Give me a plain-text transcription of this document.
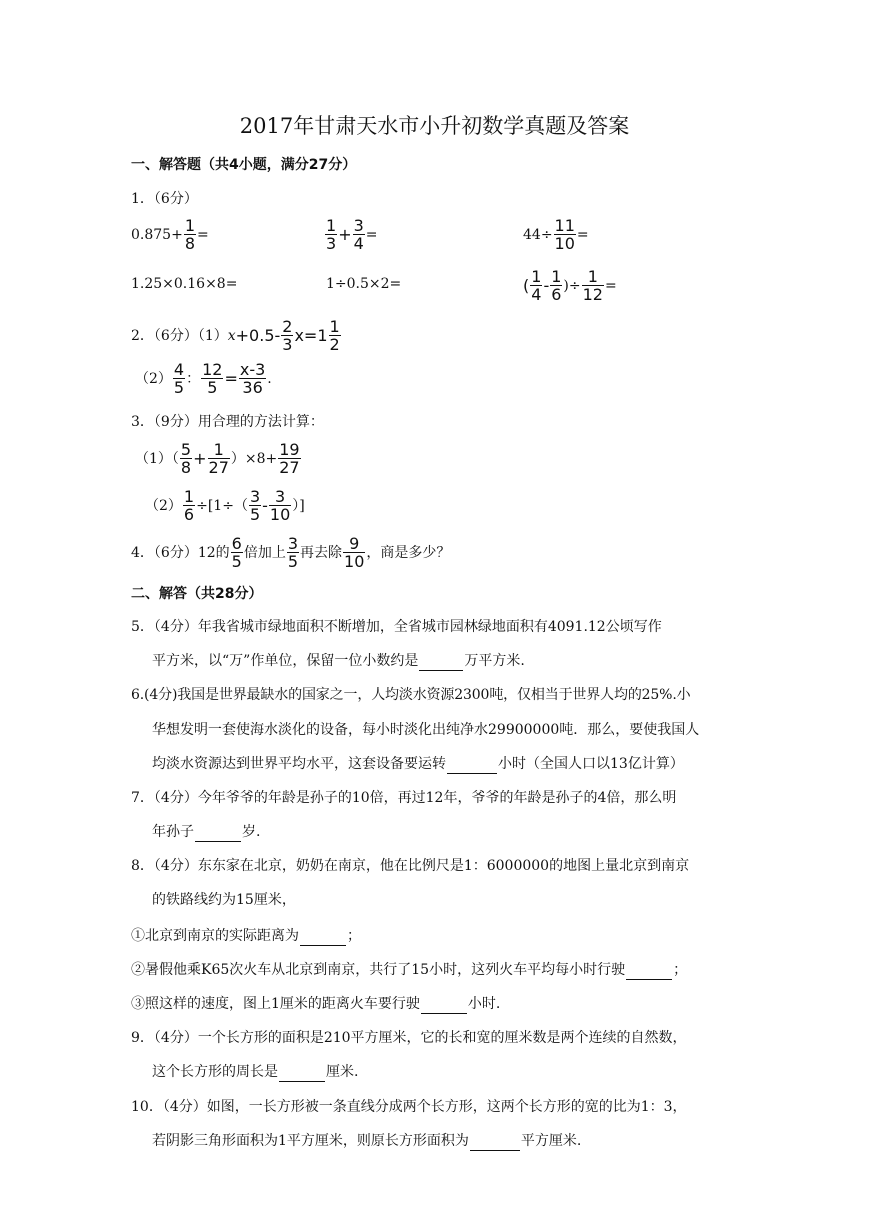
2017年甘肃天水市小升初数学真题及答案
一、解答题（共4小题，满分27分）
1．（6分）
$0.875+ \frac{1}{8}$ =	$\frac{1}{3} + \frac{3}{4}$ =	$44\div \frac{11}{10}$ =
1.25×0.16×8=	1÷0.5×2=	( $\frac{1}{4} - \frac{1}{6}$ )÷ $\frac{1}{12}$ =
2．（6分）（1） $x +0.5- \frac{2}{3} x=1 \frac{1}{2}$
$(2) \frac{4}{5}$ ： $\frac{12}{5} = \frac{x-3}{36}$ .
3．（9分）用合理的方法计算：
$(1)( \frac{5}{8} + \frac{1}{27} )\times 8+ \frac{19}{27}$
$(2) \frac{1}{6} \div[1\div( \frac{3}{5} - \frac{3}{10}$ ）]
4．（6分）12的 $\frac{6}{5}$ 倍加上 $\frac{3}{5}$ 再去除 $\frac{9}{10}$ ，商是多少？
二、解答（共28分）
5．（4分）年我省城市绿地面积不断增加，全省城市园林绿地面积有4091.12公顷写作
平方米，以“万”作单位，保留一位小数约是	万平方米.
6.(4分)我国是世界最缺水的国家之一，人均淡水资源2300吨，仅相当于世界人均的25%.小
华想发明一套使海水淡化的设备，每小时淡化出纯净水29900000吨．那么，要使我国人
均淡水资源达到世界平均水平，这套设备要运转	小时（全国人口以13亿计算）
7．（4分）今年爷爷的年龄是孙子的10倍，再过12年，爷爷的年龄是孙子的4倍，那么明
年孙子	岁.
8．（4分）东东家在北京，奶奶在南京，他在比例尺是1：6000000的地图上量北京到南京
的铁路线约为15厘米，
①北京到南京的实际距离为	；
②暑假他乘K65次火车从北京到南京，共行了15小时，这列火车平均每小时行驶	；
③照这样的速度，图上1厘米的距离火车要行驶	小时.
9．（4分）一个长方形的面积是210平方厘米，它的长和宽的厘米数是两个连续的自然数，
这个长方形的周长是	厘米.
10．（4分）如图，一长方形被一条直线分成两个长方形，这两个长方形的宽的比为1：3，
若阴影三角形面积为1平方厘米，则原长方形面积为	平方厘米.
